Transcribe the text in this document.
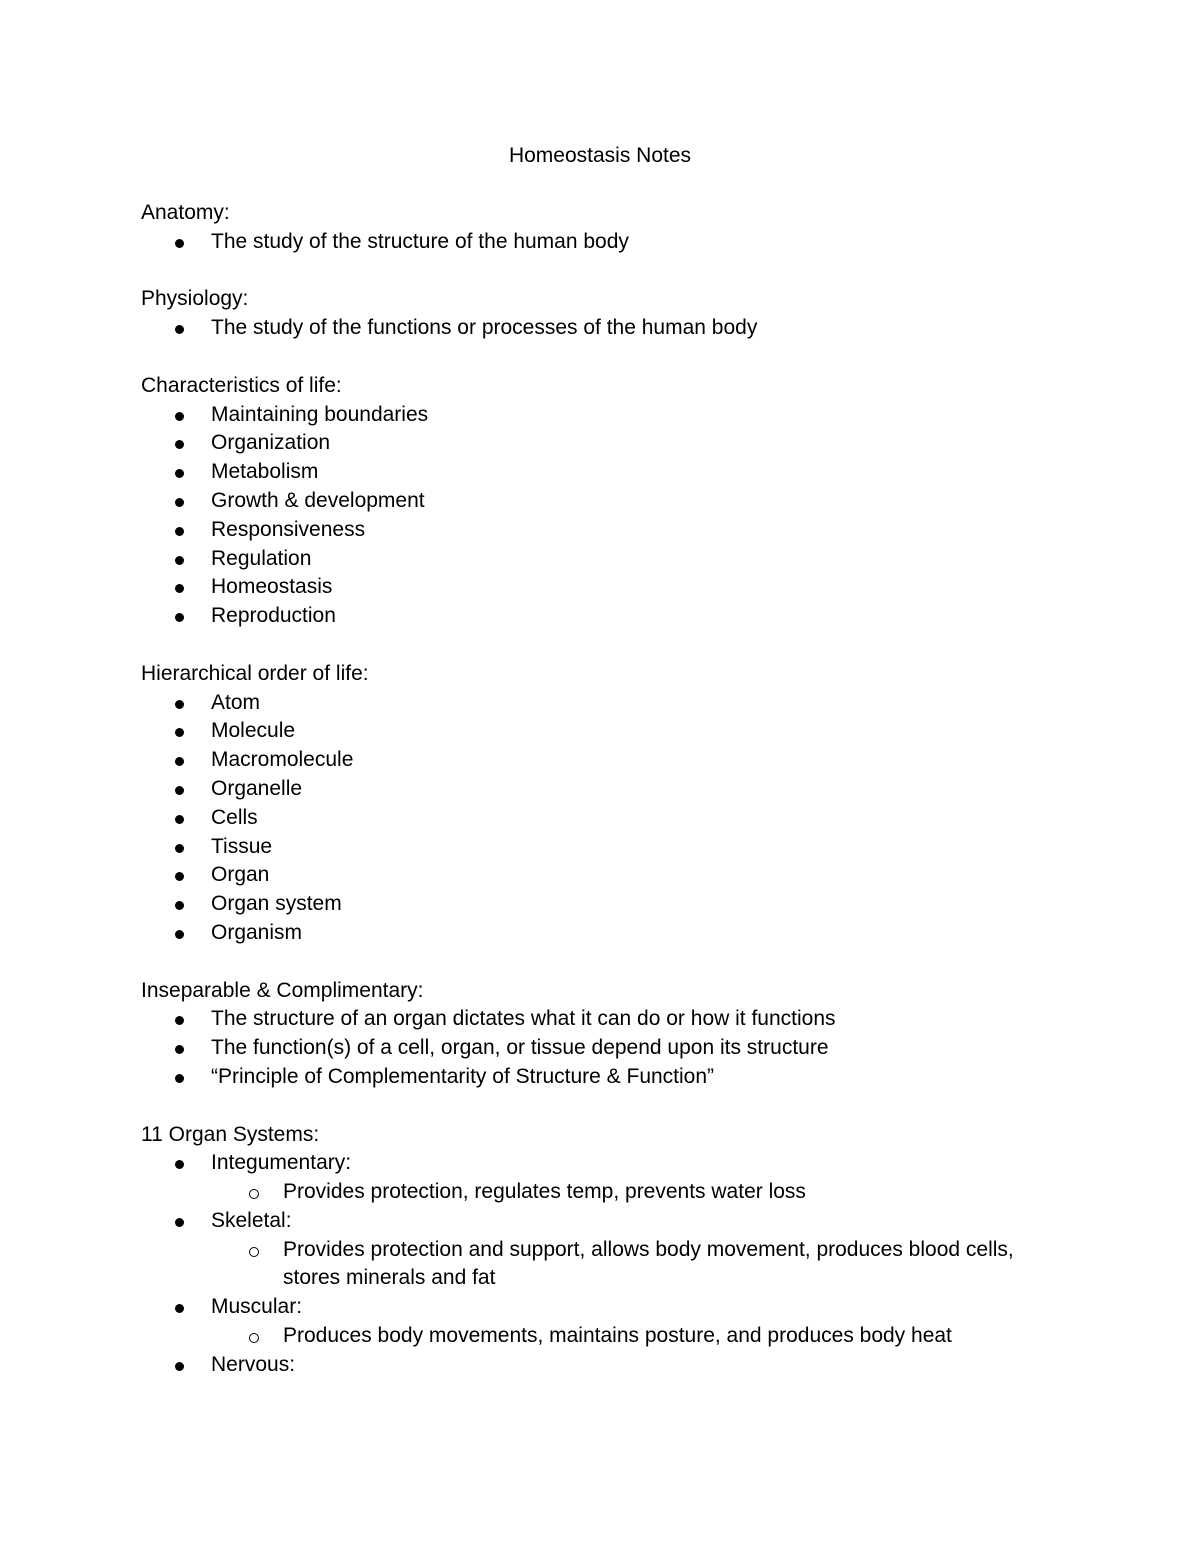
Homeostasis Notes
Anatomy:
The study of the structure of the human body
Physiology:
The study of the functions or processes of the human body
Characteristics of life:
Maintaining boundaries
Organization
Metabolism
Growth & development
Responsiveness
Regulation
Homeostasis
Reproduction
Hierarchical order of life:
Atom
Molecule
Macromolecule
Organelle
Cells
Tissue
Organ
Organ system
Organism
Inseparable & Complimentary:
The structure of an organ dictates what it can do or how it functions
The function(s) of a cell, organ, or tissue depend upon its structure
“Principle of Complementarity of Structure & Function”
11 Organ Systems:
Integumentary:
Provides protection, regulates temp, prevents water loss
Skeletal:
Provides protection and support, allows body movement, produces blood cells, stores minerals and fat
Muscular:
Produces body movements, maintains posture, and produces body heat
Nervous:
